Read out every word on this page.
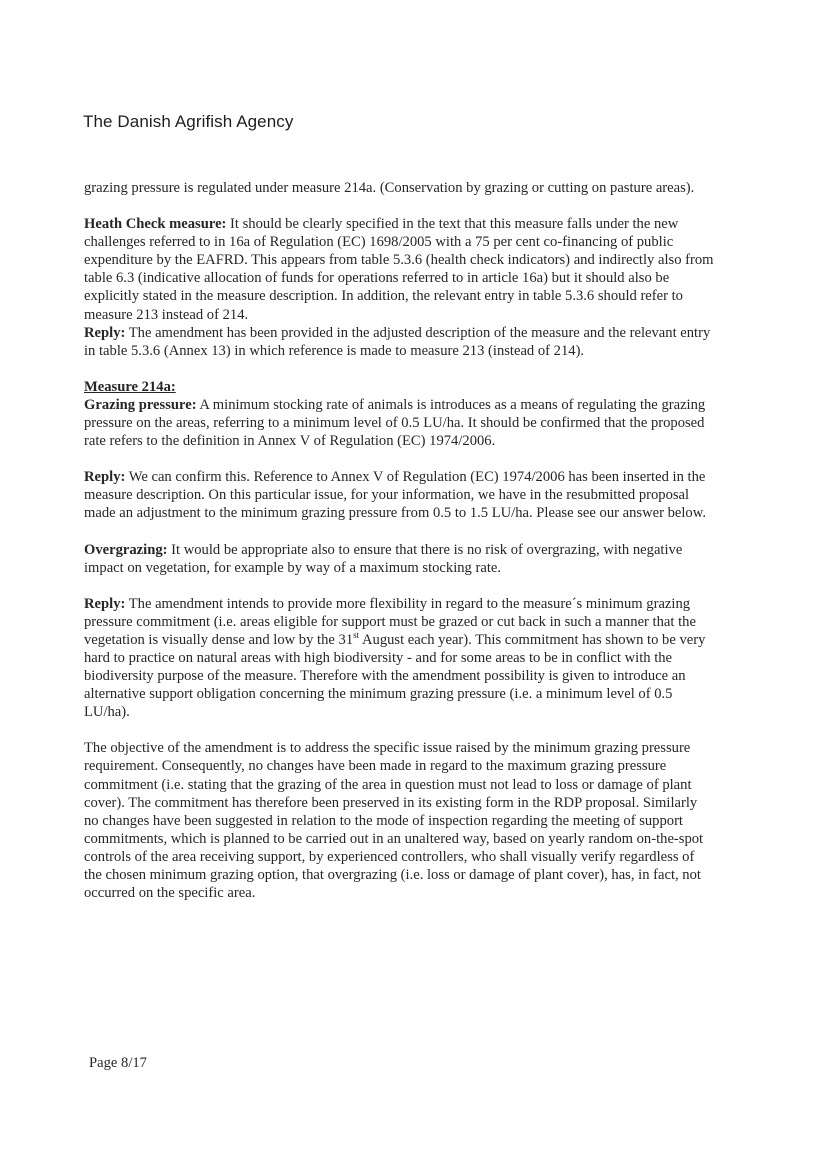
The Danish Agrifish Agency

grazing pressure is regulated under measure 214a. (Conservation by grazing or cutting on pasture areas).

Heath Check measure: It should be clearly specified in the text that this measure falls under the new challenges referred to in 16a of Regulation (EC) 1698/2005 with a 75 per cent co-financing of public expenditure by the EAFRD. This appears from table 5.3.6 (health check indicators) and indirectly also from table 6.3 (indicative allocation of funds for operations referred to in article 16a) but it should also be explicitly stated in the measure description. In addition, the relevant entry in table 5.3.6 should refer to measure 213 instead of 214.

Reply: The amendment has been provided in the adjusted description of the measure and the relevant entry in table 5.3.6 (Annex 13) in which reference is made to measure 213 (instead of 214).

Measure 214a:

Grazing pressure: A minimum stocking rate of animals is introduces as a means of regulating the grazing pressure on the areas, referring to a minimum level of 0.5 LU/ha. It should be confirmed that the proposed rate refers to the definition in Annex V of Regulation (EC) 1974/2006.

Reply: We can confirm this. Reference to Annex V of Regulation (EC) 1974/2006 has been inserted in the measure description. On this particular issue, for your information, we have in the resubmitted proposal made an adjustment to the minimum grazing pressure from 0.5 to 1.5 LU/ha. Please see our answer below.

Overgrazing: It would be appropriate also to ensure that there is no risk of overgrazing, with negative impact on vegetation, for example by way of a maximum stocking rate.

Reply: The amendment intends to provide more flexibility in regard to the measure´s minimum grazing pressure commitment (i.e. areas eligible for support must be grazed or cut back in such a manner that the vegetation is visually dense and low by the 31st August each year). This commitment has shown to be very hard to practice on natural areas with high biodiversity - and for some areas to be in conflict with the biodiversity purpose of the measure. Therefore with the amendment possibility is given to introduce an alternative support obligation concerning the minimum grazing pressure (i.e. a minimum level of 0.5 LU/ha).

The objective of the amendment is to address the specific issue raised by the minimum grazing pressure requirement. Consequently, no changes have been made in regard to the maximum grazing pressure commitment (i.e. stating that the grazing of the area in question must not lead to loss or damage of plant cover). The commitment has therefore been preserved in its existing form in the RDP proposal. Similarly no changes have been suggested in relation to the mode of inspection regarding the meeting of support commitments, which is planned to be carried out in an unaltered way, based on yearly random on-the-spot controls of the area receiving support, by experienced controllers, who shall visually verify regardless of the chosen minimum grazing option, that overgrazing (i.e. loss or damage of plant cover), has, in fact, not occurred on the specific area.

Page 8/17
